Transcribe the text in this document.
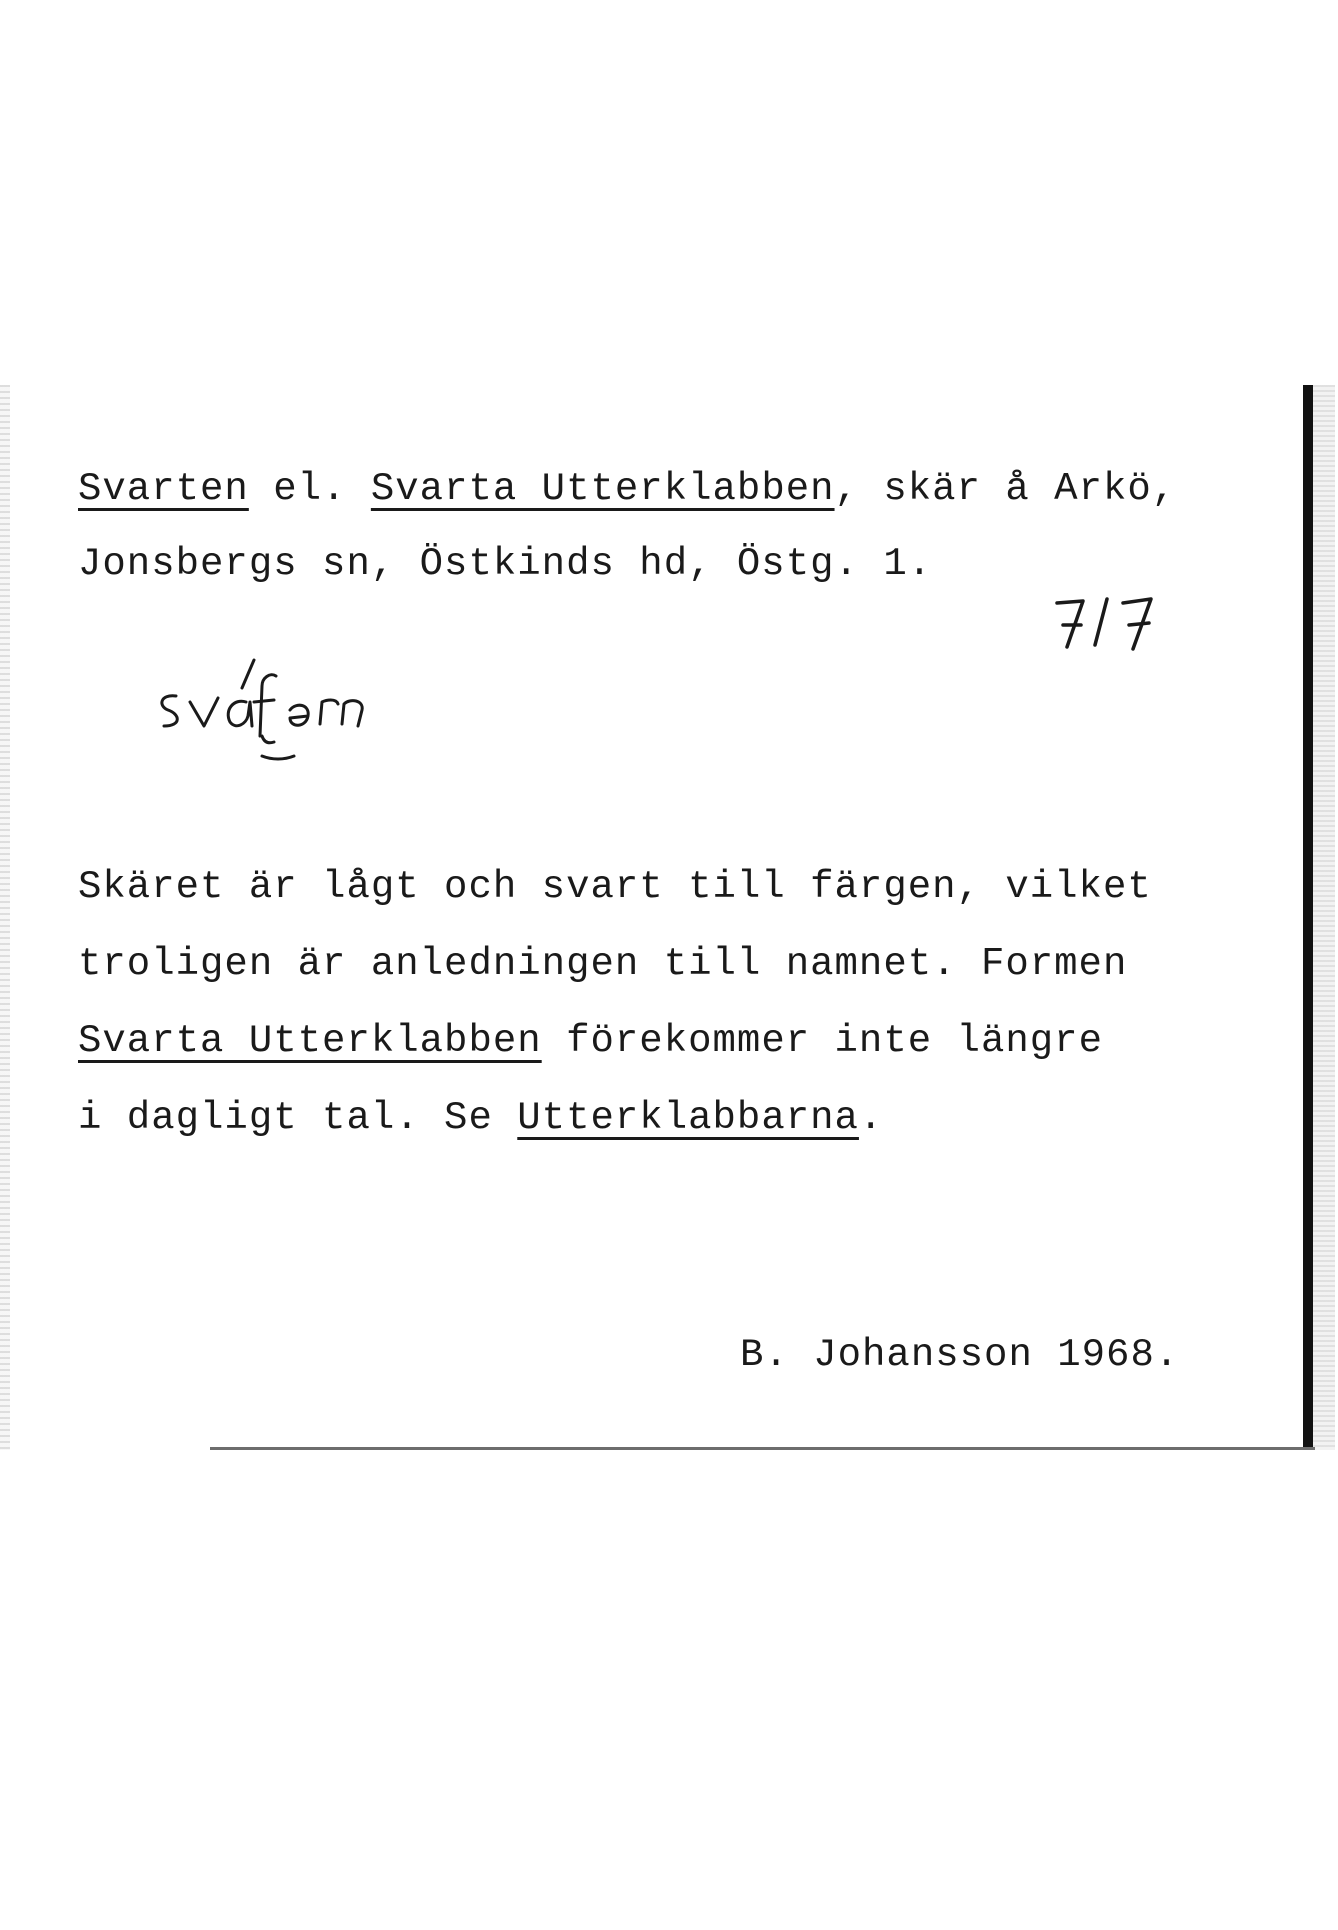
Svarten el. Svarta Utterklabben, skär å Arkö,
Jonsbergs sn, Östkinds hd, Östg. 1.
Skäret är lågt och svart till färgen, vilket
troligen är anledningen till namnet. Formen
Svarta Utterklabben förekommer inte längre
i dagligt tal. Se Utterklabbarna.
B. Johansson 1968.
